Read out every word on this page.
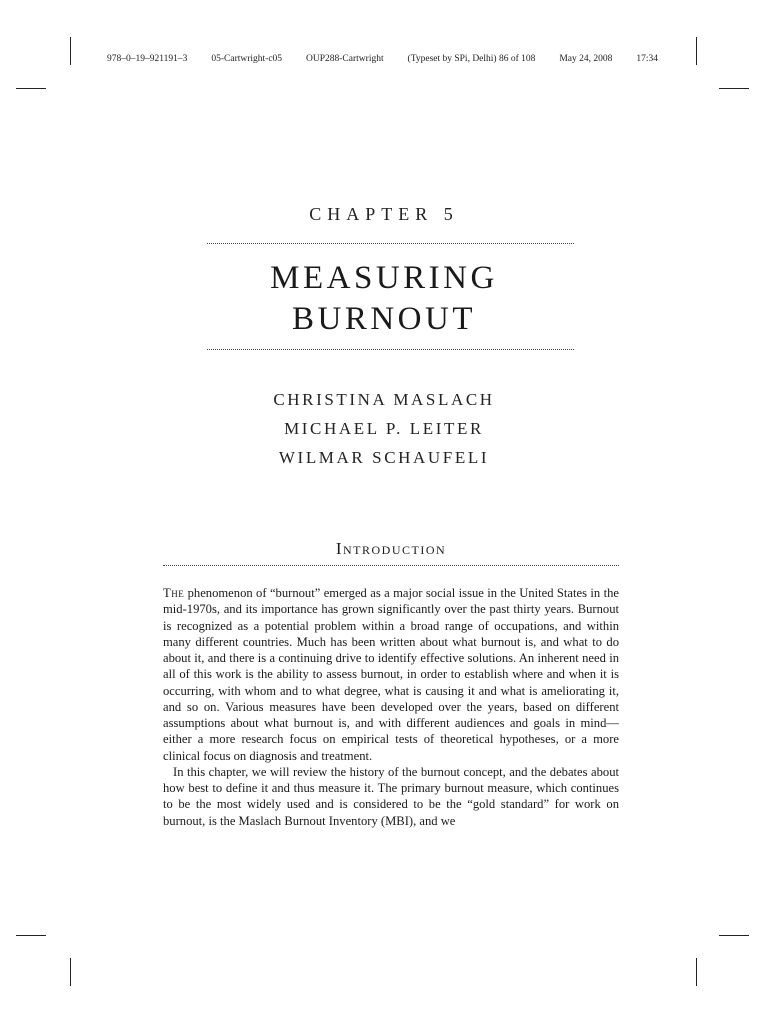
978–0–19–921191–3	05-Cartwright-c05	OUP288-Cartwright	(Typeset by SPi, Delhi) 86 of 108	May 24, 2008	17:34
CHAPTER 5
MEASURING
BURNOUT
CHRISTINA MASLACH
MICHAEL P. LEITER
WILMAR SCHAUFELI
Introduction

The phenomenon of “burnout” emerged as a major social issue in the United States in the mid-1970s, and its importance has grown significantly over the past thirty years. Burnout is recognized as a potential problem within a broad range of occupations, and within many different countries. Much has been written about what burnout is, and what to do about it, and there is a continuing drive to identify effective solutions. An inherent need in all of this work is the ability to assess burnout, in order to establish where and when it is occurring, with whom and to what degree, what is causing it and what is ameliorating it, and so on. Various measures have been developed over the years, based on different assumptions about what burnout is, and with different audiences and goals in mind—either a more research focus on empirical tests of theoretical hypotheses, or a more clinical focus on diagnosis and treatment.

In this chapter, we will review the history of the burnout concept, and the debates about how best to define it and thus measure it. The primary burnout measure, which continues to be the most widely used and is considered to be the “gold standard” for work on burnout, is the Maslach Burnout Inventory (MBI), and we
